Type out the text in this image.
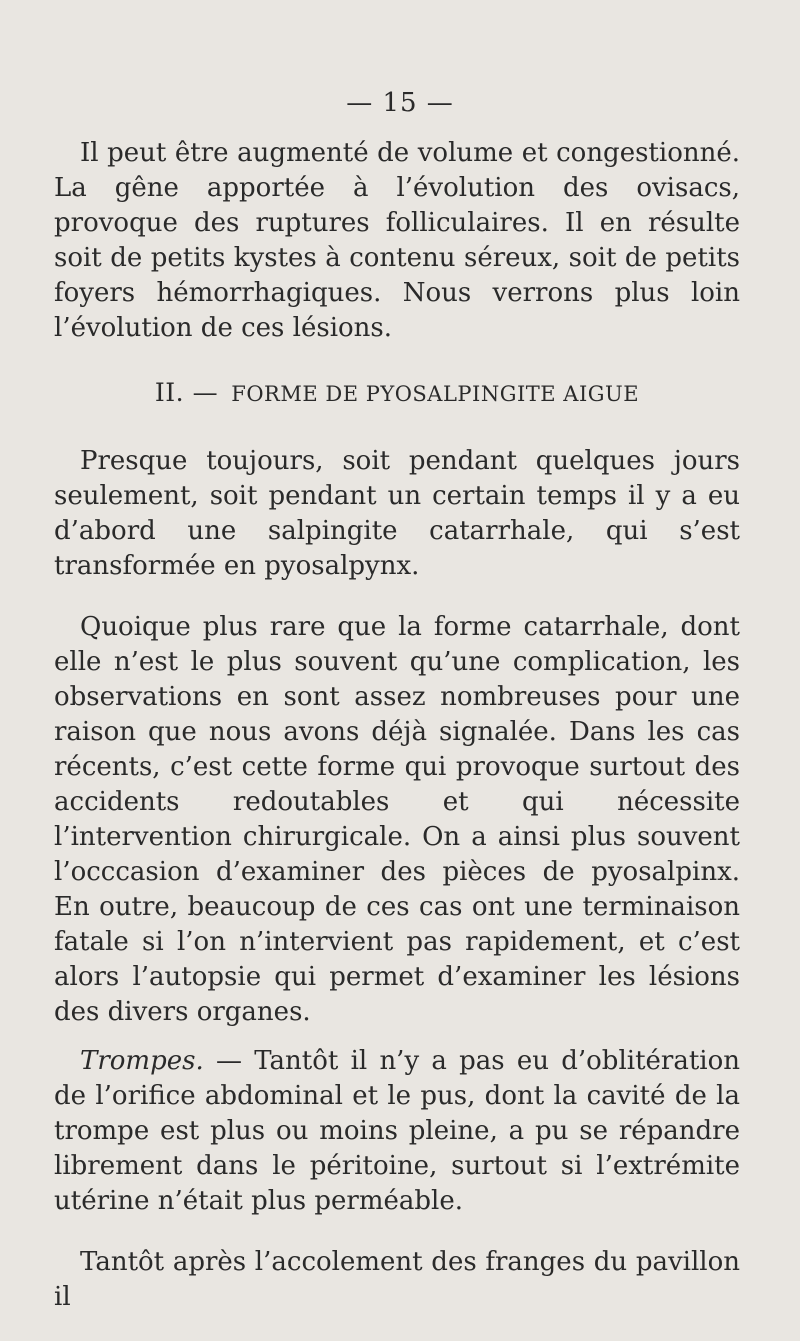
— 15 —

Il peut être augmenté de volume et congestionné. La gêne apportée à l’évolution des ovisacs, provoque des ruptures folliculaires. Il en résulte soit de petits kystes à contenu séreux, soit de petits foyers hémorrhagiques. Nous verrons plus loin l’évolution de ces lésions.

II. — FORME DE PYOSALPINGITE AIGUE

Presque toujours, soit pendant quelques jours seulement, soit pendant un certain temps il y a eu d’abord une salpingite catarrhale, qui s’est transformée en pyosalpynx.

Quoique plus rare que la forme catarrhale, dont elle n’est le plus souvent qu’une complication, les observations en sont assez nombreuses pour une raison que nous avons déjà signalée. Dans les cas récents, c’est cette forme qui provoque surtout des accidents redoutables et qui nécessite l’intervention chirurgicale. On a ainsi plus souvent l’occcasion d’examiner des pièces de pyosalpinx. En outre, beaucoup de ces cas ont une terminaison fatale si l’on n’intervient pas rapidement, et c’est alors l’autopsie qui permet d’examiner les lésions des divers organes.

Trompes. — Tantôt il n’y a pas eu d’oblitération de l’orifice abdominal et le pus, dont la cavité de la trompe est plus ou moins pleine, a pu se répandre librement dans le péritoine, surtout si l’extrémite utérine n’était plus perméable.

Tantôt après l’accolement des franges du pavillon il
